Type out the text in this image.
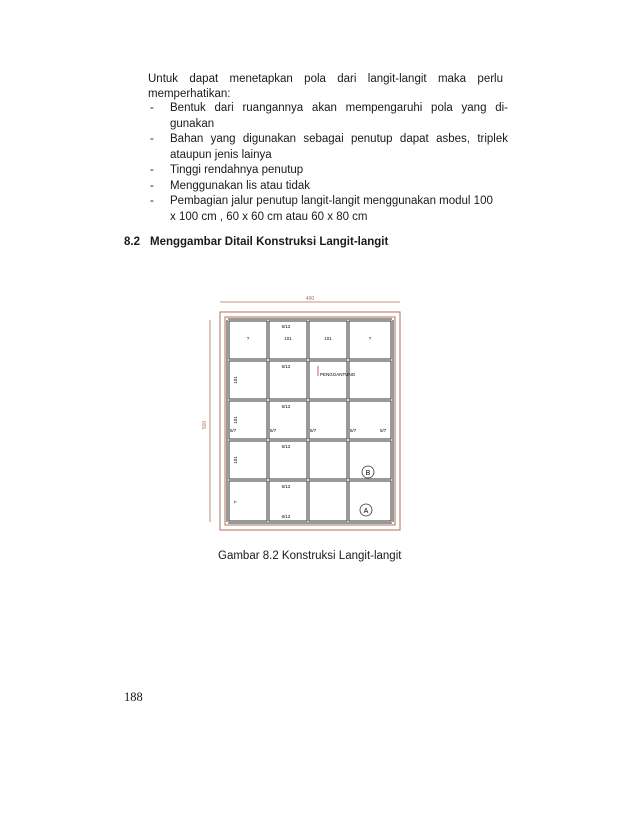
Untuk dapat menetapkan pola dari langit-langit maka perlu
memperhatikan:
- Bentuk dari ruangannya akan mempengaruhi pola yang di-
gunakan
- Bahan yang digunakan sebagai penutup dapat asbes, triplek
ataupun jenis lainya
- Tinggi rendahnya penutup
- Menggunakan lis atau tidak
- Pembagian jalur penutup langit-langit menggunakan modul 100
x 100 cm , 60 x 60 cm atau 60 x 80 cm
8.2 Menggambar Ditail Konstruksi Langit-langit
400
500
?	101	101	?
101
101
101
?
6/12
6/12
6/12
6/12
6/12
6/12
5/7	5/7	5/7	5/7	5/7
PENGGANTUNG
B
A
Gambar 8.2 Konstruksi Langit-langit
188
